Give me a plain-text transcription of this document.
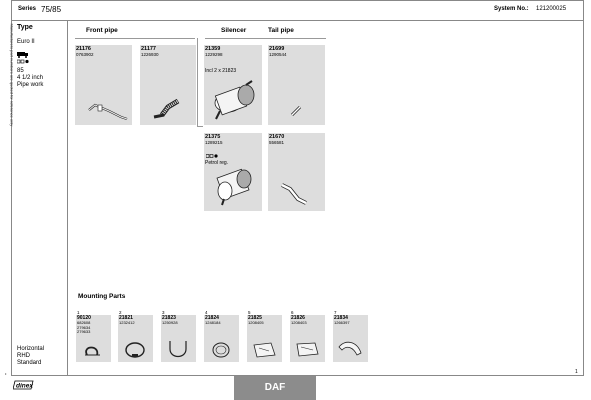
Series 75/85	System No.: 121200025
Manufacturers part numbers are quoted for reference only
•
Type
Euro II
85
4 1/2 inch
Pipe work
Horizontal
RHD
Standard
Front pipe	Silencer	Tail pipe
21176
0763902
21177
1226930
21359
1229298
Incl 2 x 21823
21699
1290544
21375
1289215
Petrol reg.
21670
556581
Mounting Parts
1
90120
682608
279634
279633
2
21821
1232412
3
21823
1250928
4
21824
1248184
5
21825
1208405
6
21826
1208403
7
21834
1266397
dinex	DAF
1
